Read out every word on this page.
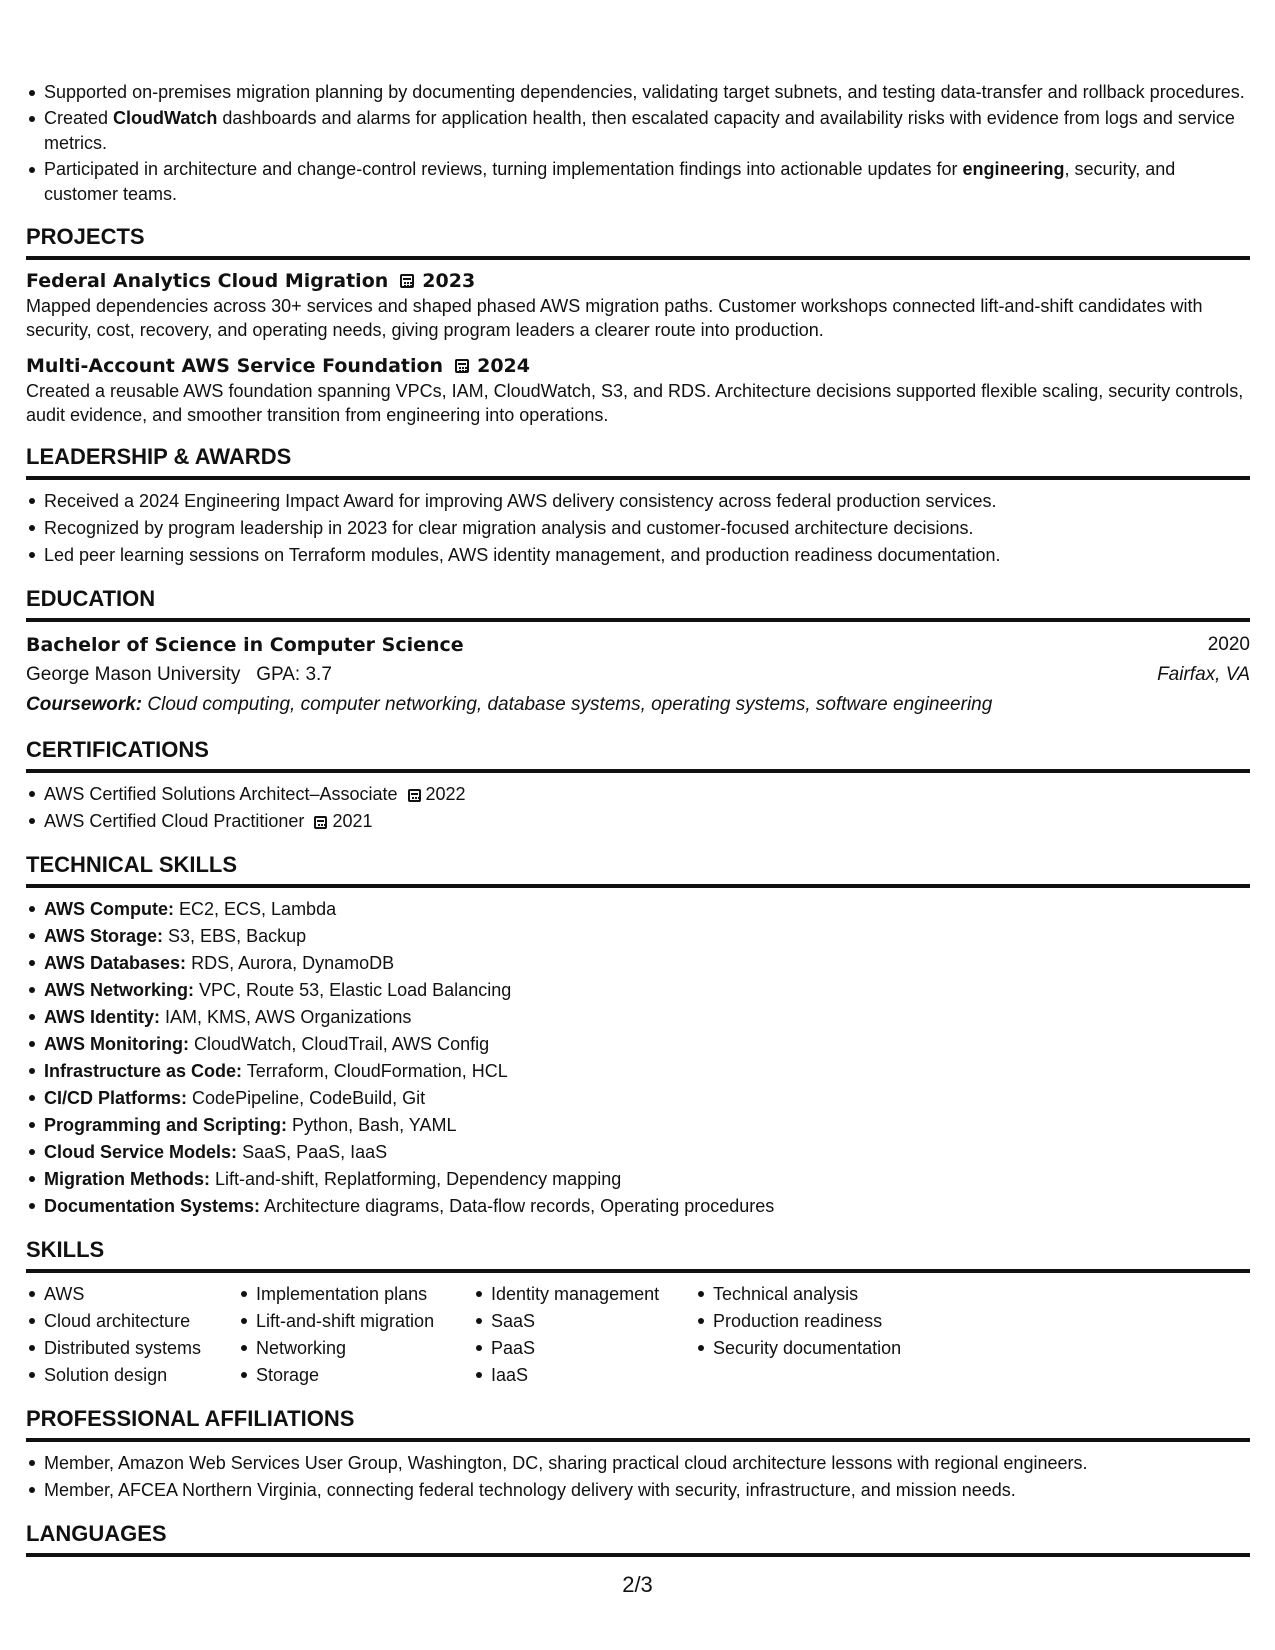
Supported on-premises migration planning by documenting dependencies, validating target subnets, and testing data-transfer and rollback procedures.
Created CloudWatch dashboards and alarms for application health, then escalated capacity and availability risks with evidence from logs and service metrics.
Participated in architecture and change-control reviews, turning implementation findings into actionable updates for engineering, security, and customer teams.
PROJECTS
Federal Analytics Cloud Migration 2023
Mapped dependencies across 30+ services and shaped phased AWS migration paths. Customer workshops connected lift-and-shift candidates with security, cost, recovery, and operating needs, giving program leaders a clearer route into production.
Multi-Account AWS Service Foundation 2024
Created a reusable AWS foundation spanning VPCs, IAM, CloudWatch, S3, and RDS. Architecture decisions supported flexible scaling, security controls, audit evidence, and smoother transition from engineering into operations.
LEADERSHIP & AWARDS
Received a 2024 Engineering Impact Award for improving AWS delivery consistency across federal production services.
Recognized by program leadership in 2023 for clear migration analysis and customer-focused architecture decisions.
Led peer learning sessions on Terraform modules, AWS identity management, and production readiness documentation.
EDUCATION
Bachelor of Science in Computer Science	2020
George Mason University GPA: 3.7	Fairfax, VA
Coursework: Cloud computing, computer networking, database systems, operating systems, software engineering
CERTIFICATIONS
AWS Certified Solutions Architect–Associate 2022
AWS Certified Cloud Practitioner 2021
TECHNICAL SKILLS
AWS Compute: EC2, ECS, Lambda
AWS Storage: S3, EBS, Backup
AWS Databases: RDS, Aurora, DynamoDB
AWS Networking: VPC, Route 53, Elastic Load Balancing
AWS Identity: IAM, KMS, AWS Organizations
AWS Monitoring: CloudWatch, CloudTrail, AWS Config
Infrastructure as Code: Terraform, CloudFormation, HCL
CI/CD Platforms: CodePipeline, CodeBuild, Git
Programming and Scripting: Python, Bash, YAML
Cloud Service Models: SaaS, PaaS, IaaS
Migration Methods: Lift-and-shift, Replatforming, Dependency mapping
Documentation Systems: Architecture diagrams, Data-flow records, Operating procedures
SKILLS
AWS
Cloud architecture
Distributed systems
Solution design
Implementation plans
Lift-and-shift migration
Networking
Storage
Identity management
SaaS
PaaS
IaaS
Technical analysis
Production readiness
Security documentation
PROFESSIONAL AFFILIATIONS
Member, Amazon Web Services User Group, Washington, DC, sharing practical cloud architecture lessons with regional engineers.
Member, AFCEA Northern Virginia, connecting federal technology delivery with security, infrastructure, and mission needs.
LANGUAGES
2/3
